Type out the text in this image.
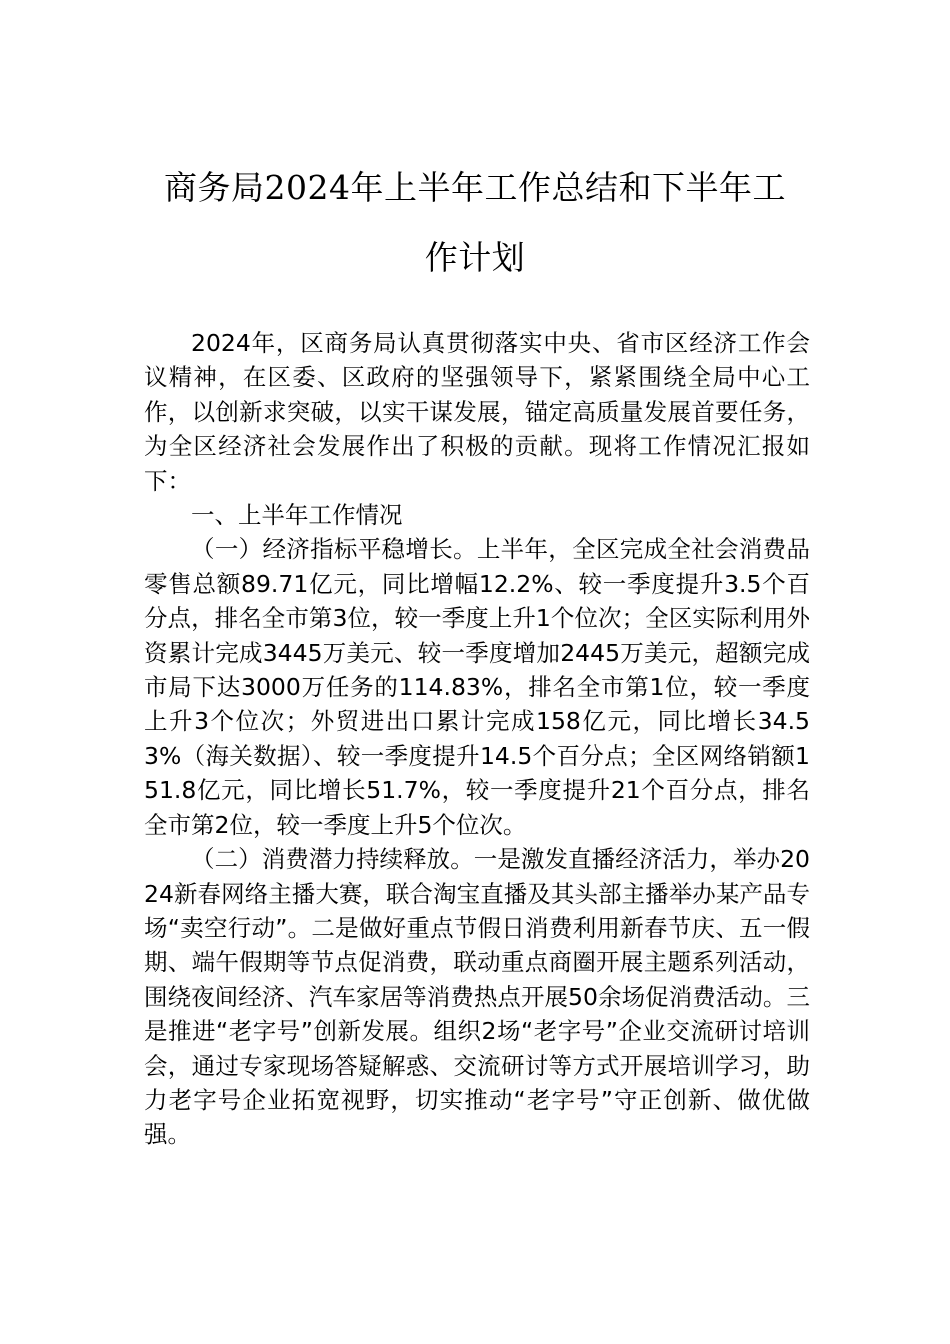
商务局2024年上半年工作总结和下半年工
作计划

2024年，区商务局认真贯彻落实中央、省市区经济工作会议精神，在区委、区政府的坚强领导下，紧紧围绕全局中心工作，以创新求突破，以实干谋发展，锚定高质量发展首要任务，为全区经济社会发展作出了积极的贡献。现将工作情况汇报如下：

一、上半年工作情况

（一）经济指标平稳增长。上半年，全区完成全社会消费品零售总额89.71亿元，同比增幅12.2%、较一季度提升3.5个百分点，排名全市第3位，较一季度上升1个位次；全区实际利用外资累计完成3445万美元、较一季度增加2445万美元，超额完成市局下达3000万任务的114.83%，排名全市第1位，较一季度上升3个位次；外贸进出口累计完成158亿元，同比增长34.53%（海关数据）、较一季度提升14.5个百分点；全区网络销额151.8亿元，同比增长51.7%，较一季度提升21个百分点，排名全市第2位，较一季度上升5个位次。

（二）消费潜力持续释放。一是激发直播经济活力，举办2024新春网络主播大赛，联合淘宝直播及其头部主播举办某产品专场“卖空行动”。二是做好重点节假日消费利用新春节庆、五一假期、端午假期等节点促消费，联动重点商圈开展主题系列活动，围绕夜间经济、汽车家居等消费热点开展50余场促消费活动。三是推进“老字号”创新发展。组织2场“老字号”企业交流研讨培训会，通过专家现场答疑解惑、交流研讨等方式开展培训学习，助力老字号企业拓宽视野，切实推动“老字号”守正创新、做优做强。
